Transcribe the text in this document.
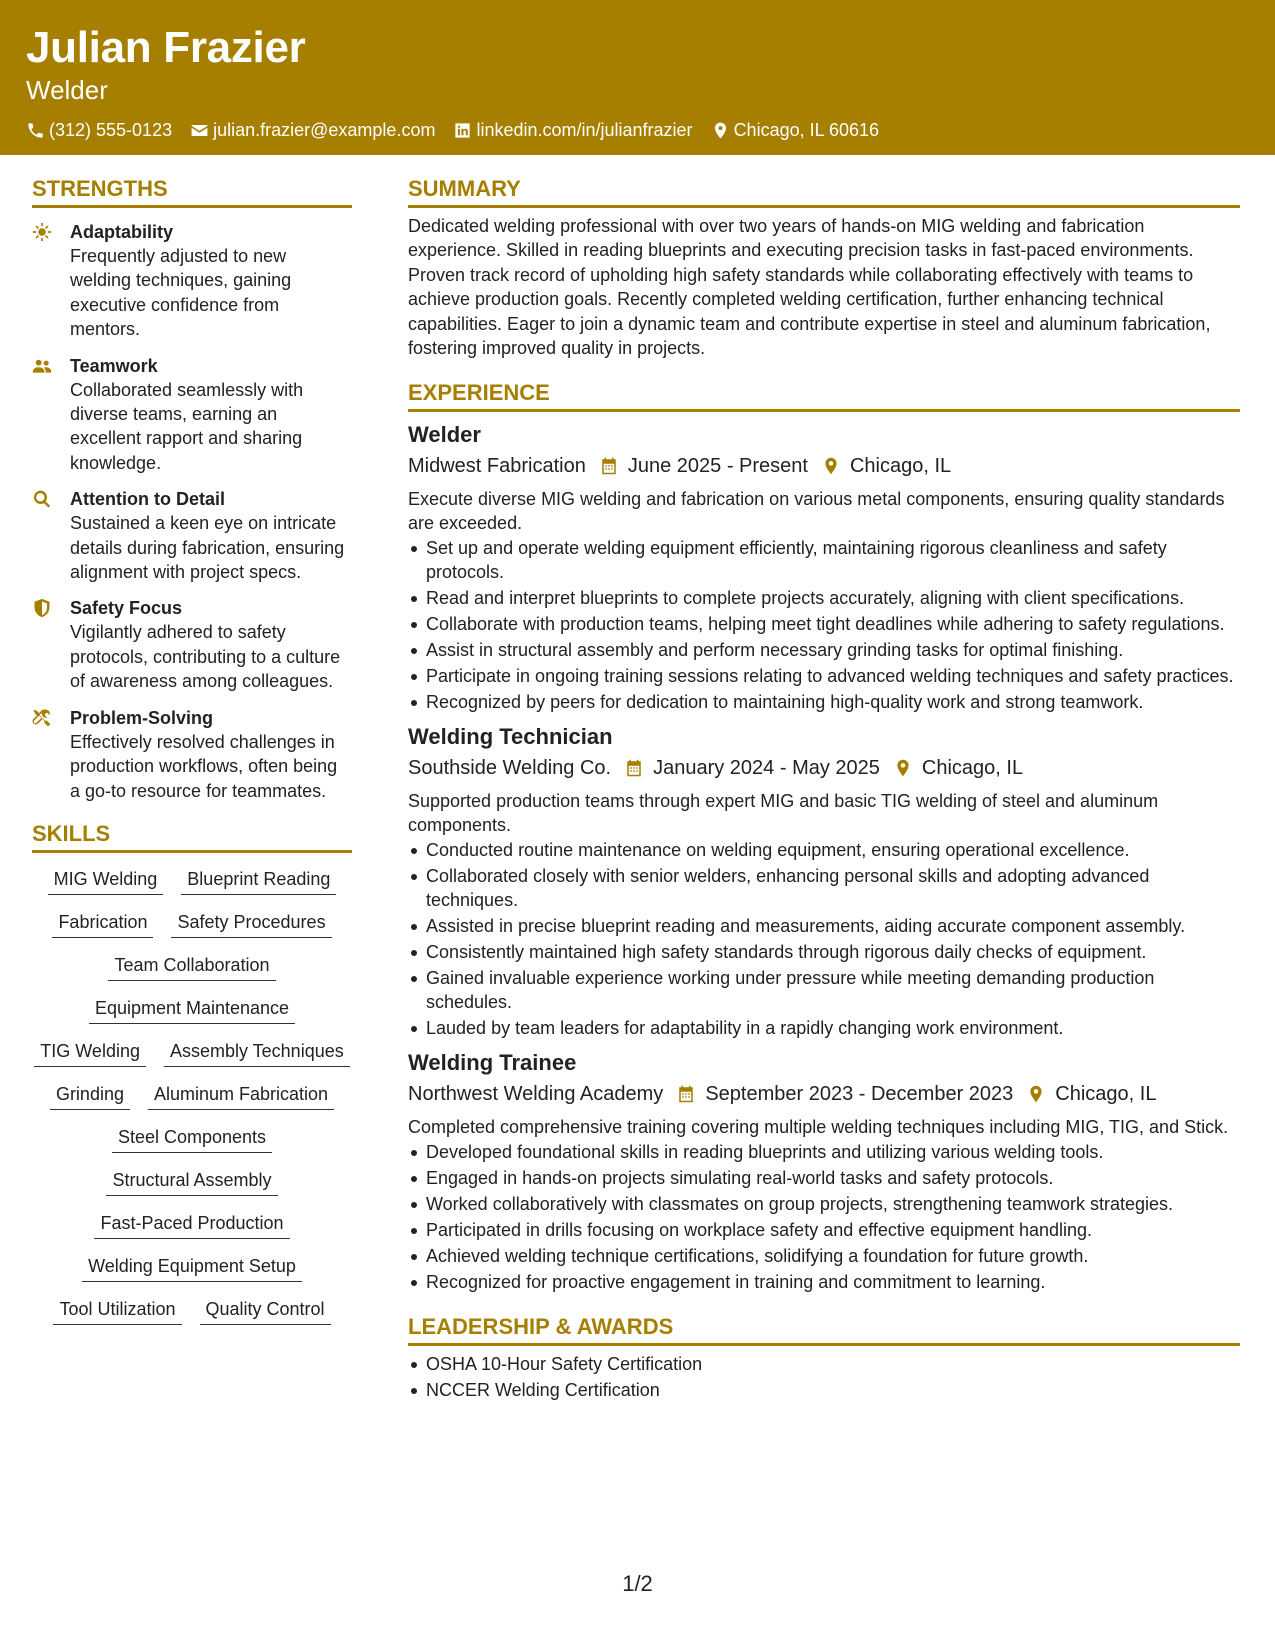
Julian Frazier
Welder
(312) 555-0123 julian.frazier@example.com linkedin.com/in/julianfrazier Chicago, IL 60616
STRENGTHS
Adaptability
Frequently adjusted to new welding techniques, gaining executive confidence from mentors.
Teamwork
Collaborated seamlessly with diverse teams, earning an excellent rapport and sharing knowledge.
Attention to Detail
Sustained a keen eye on intricate details during fabrication, ensuring alignment with project specs.
Safety Focus
Vigilantly adhered to safety protocols, contributing to a culture of awareness among colleagues.
Problem-Solving
Effectively resolved challenges in production workflows, often being a go-to resource for teammates.
SKILLS
MIG Welding	Blueprint Reading
Fabrication	Safety Procedures
Team Collaboration
Equipment Maintenance
TIG Welding	Assembly Techniques
Grinding	Aluminum Fabrication
Steel Components
Structural Assembly
Fast-Paced Production
Welding Equipment Setup
Tool Utilization	Quality Control
SUMMARY
Dedicated welding professional with over two years of hands-on MIG welding and fabrication experience. Skilled in reading blueprints and executing precision tasks in fast-paced environments. Proven track record of upholding high safety standards while collaborating effectively with teams to achieve production goals. Recently completed welding certification, further enhancing technical capabilities. Eager to join a dynamic team and contribute expertise in steel and aluminum fabrication, fostering improved quality in projects.
EXPERIENCE
Welder
Midwest Fabrication June 2025 - Present Chicago, IL
Execute diverse MIG welding and fabrication on various metal components, ensuring quality standards are exceeded.
Set up and operate welding equipment efficiently, maintaining rigorous cleanliness and safety protocols.
Read and interpret blueprints to complete projects accurately, aligning with client specifications.
Collaborate with production teams, helping meet tight deadlines while adhering to safety regulations.
Assist in structural assembly and perform necessary grinding tasks for optimal finishing.
Participate in ongoing training sessions relating to advanced welding techniques and safety practices.
Recognized by peers for dedication to maintaining high-quality work and strong teamwork.
Welding Technician
Southside Welding Co. January 2024 - May 2025 Chicago, IL
Supported production teams through expert MIG and basic TIG welding of steel and aluminum components.
Conducted routine maintenance on welding equipment, ensuring operational excellence.
Collaborated closely with senior welders, enhancing personal skills and adopting advanced techniques.
Assisted in precise blueprint reading and measurements, aiding accurate component assembly.
Consistently maintained high safety standards through rigorous daily checks of equipment.
Gained invaluable experience working under pressure while meeting demanding production schedules.
Lauded by team leaders for adaptability in a rapidly changing work environment.
Welding Trainee
Northwest Welding Academy September 2023 - December 2023 Chicago, IL
Completed comprehensive training covering multiple welding techniques including MIG, TIG, and Stick.
Developed foundational skills in reading blueprints and utilizing various welding tools.
Engaged in hands-on projects simulating real-world tasks and safety protocols.
Worked collaboratively with classmates on group projects, strengthening teamwork strategies.
Participated in drills focusing on workplace safety and effective equipment handling.
Achieved welding technique certifications, solidifying a foundation for future growth.
Recognized for proactive engagement in training and commitment to learning.
LEADERSHIP & AWARDS
OSHA 10-Hour Safety Certification
NCCER Welding Certification
1/2
